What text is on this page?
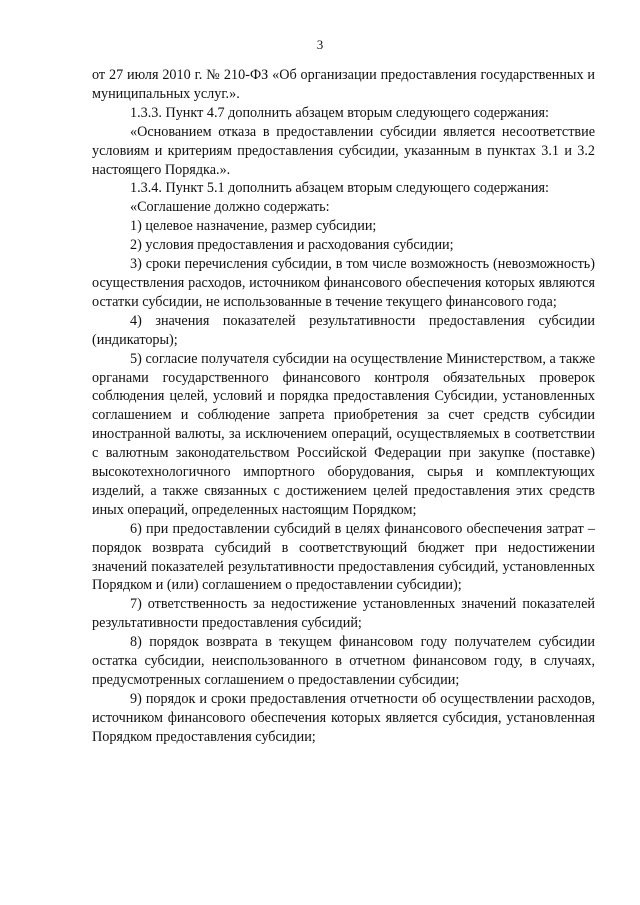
3

от 27 июля 2010 г. № 210-ФЗ «Об организации предоставления государственных и муниципальных услуг.».

1.3.3. Пункт 4.7 дополнить абзацем вторым следующего содержания:

«Основанием отказа в предоставлении субсидии является несоответствие условиям и критериям предоставления субсидии, указанным в пунктах 3.1 и 3.2 настоящего Порядка.».

1.3.4. Пункт 5.1 дополнить абзацем вторым следующего содержания:

«Соглашение должно содержать:

1) целевое назначение, размер субсидии;

2) условия предоставления и расходования субсидии;

3) сроки перечисления субсидии, в том числе возможность (невозможность) осуществления расходов, источником финансового обеспечения которых являются остатки субсидии, не использованные в течение текущего финансового года;

4) значения показателей результативности предоставления субсидии (индикаторы);

5) согласие получателя субсидии на осуществление Министерством, а также органами государственного финансового контроля обязательных проверок соблюдения целей, условий и порядка предоставления Субсидии, установленных соглашением и соблюдение запрета приобретения за счет средств субсидии иностранной валюты, за исключением операций, осуществляемых в соответствии с валютным законодательством Российской Федерации при закупке (поставке) высокотехнологичного импортного оборудования, сырья и комплектующих изделий, а также связанных с достижением целей предоставления этих средств иных операций, определенных настоящим Порядком;

6) при предоставлении субсидий в целях финансового обеспечения затрат – порядок возврата субсидий в соответствующий бюджет при недостижении значений показателей результативности предоставления субсидий, установленных Порядком и (или) соглашением о предоставлении субсидии);

7) ответственность за недостижение установленных значений показателей результативности предоставления субсидий;

8) порядок возврата в текущем финансовом году получателем субсидии остатка субсидии, неиспользованного в отчетном финансовом году, в случаях, предусмотренных соглашением о предоставлении субсидии;

9) порядок и сроки предоставления отчетности об осуществлении расходов, источником финансового обеспечения которых является субсидия, установленная Порядком предоставления субсидии;
